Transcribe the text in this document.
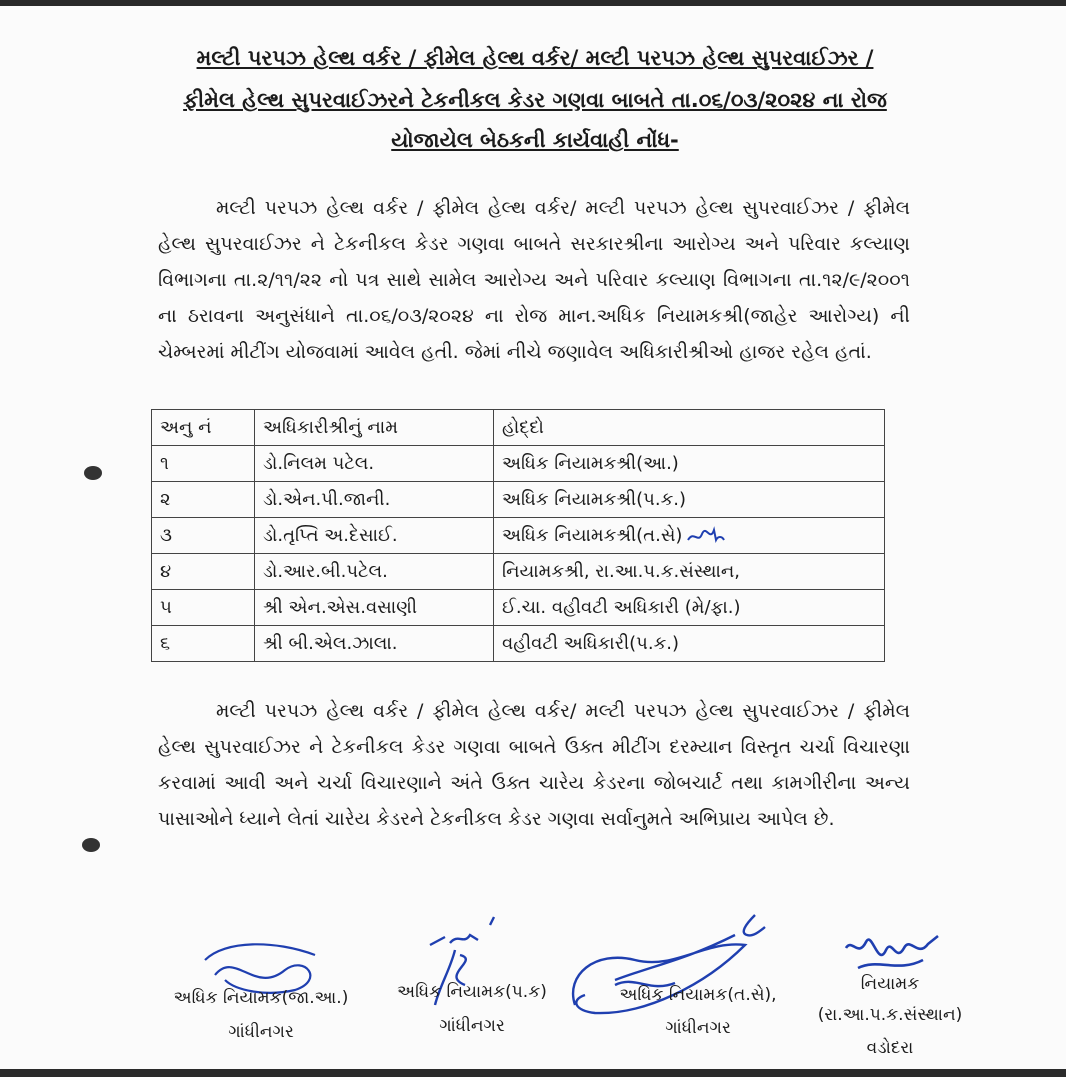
મલ્ટી પરપઝ હેલ્થ વર્કર / ફીમેલ હેલ્થ વર્કર/ મલ્ટી પરપઝ હેલ્થ સુપરવાઈઝર /
ફીમેલ હેલ્થ સુપરવાઈઝરને ટેકનીકલ કેડર ગણવા બાબતે તા.૦૬/૦૩/૨૦૨૪ ના રોજ
યોજાયેલ બેઠકની કાર્યવાહી નોંધ-
મલ્ટી પરપઝ હેલ્થ વર્કર / ફીમેલ હેલ્થ વર્કર/ મલ્ટી પરપઝ હેલ્થ સુપરવાઈઝર / ફીમેલ હેલ્થ સુપરવાઈઝર ને ટેકનીકલ કેડર ગણવા બાબતે સરકારશ્રીના આરોગ્ય અને પરિવાર કલ્યાણ વિભાગના તા.૨/૧૧/૨૨ નો પત્ર સાથે સામેલ આરોગ્ય અને પરિવાર કલ્યાણ વિભાગના તા.૧૨/૯/૨૦૦૧ ના ઠરાવના અનુસંધાને તા.૦૬/૦૩/૨૦૨૪ ના રોજ માન.અધિક નિયામકશ્રી(જાહેર આરોગ્ય) ની ચેમ્બરમાં મીટીંગ યોજવામાં આવેલ હતી. જેમાં નીચે જણાવેલ અધિકારીશ્રીઓ હાજર રહેલ હતાં.
અનુ નં	અધિકારીશ્રીનું નામ	હોદ્દો
૧	ડો.નિલમ પટેલ.	અધિક નિયામકશ્રી(આ.)
૨	ડો.એન.પી.જાની.	અધિક નિયામકશ્રી(પ.ક.)
૩	ડો.તૃપ્તિ અ.દેસાઈ.	અધિક નિયામકશ્રી(ત.સે)
૪	ડો.આર.બી.પટેલ.	નિયામકશ્રી, રા.આ.પ.ક.સંસ્થાન,
૫	શ્રી એન.એસ.વસાણી	ઈ.ચા. વહીવટી અધિકારી (મે/ફા.)
૬	શ્રી બી.એલ.ઝાલા.	વહીવટી અધિકારી(પ.ક.)
મલ્ટી પરપઝ હેલ્થ વર્કર / ફીમેલ હેલ્થ વર્કર/ મલ્ટી પરપઝ હેલ્થ સુપરવાઈઝર / ફીમેલ હેલ્થ સુપરવાઈઝર ને ટેકનીકલ કેડર ગણવા બાબતે ઉક્ત મીટીંગ દરમ્યાન વિસ્તૃત ચર્ચા વિચારણા કરવામાં આવી અને ચર્ચા વિચારણાને અંતે ઉક્ત ચારેય કેડરના જોબચાર્ટ તથા કામગીરીના અન્ય પાસાઓને ધ્યાને લેતાં ચારેય કેડરને ટેકનીકલ કેડર ગણવા સર્વાનુમતે અભિપ્રાય આપેલ છે.
અધિક નિયામક(જા.આ.)
ગાંધીનગર
અધિક નિયામક(પ.ક)
ગાંધીનગર
અધિક નિયામક(ત.સે),
ગાંધીનગર
નિયામક
(રા.આ.પ.ક.સંસ્થાન)
વડોદરા
